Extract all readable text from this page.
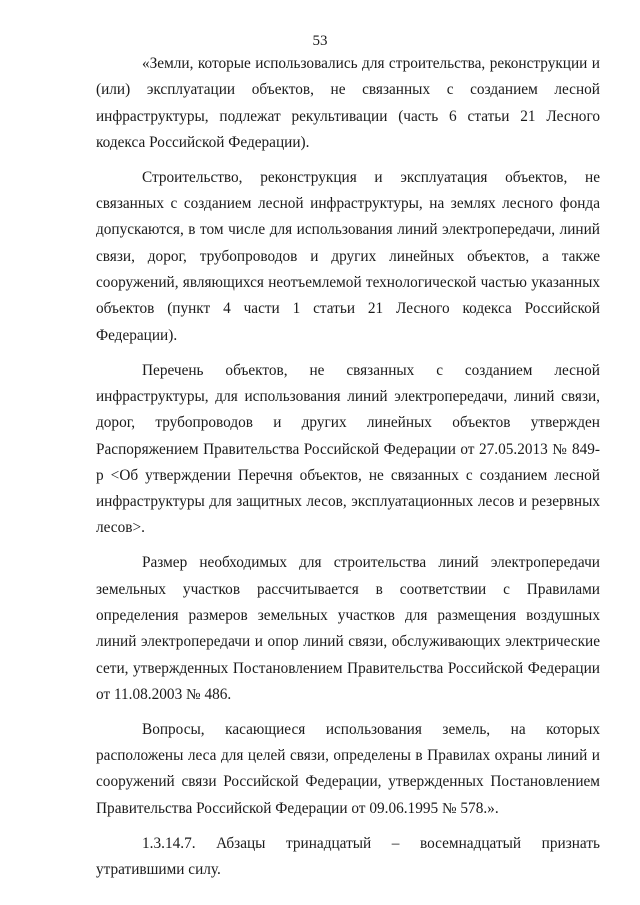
53

«Земли, которые использовались для строительства, реконструкции и (или) эксплуатации объектов, не связанных с созданием лесной инфраструктуры, подлежат рекультивации (часть 6 статьи 21 Лесного кодекса Российской Федерации).

Строительство, реконструкция и эксплуатация объектов, не связанных с созданием лесной инфраструктуры, на землях лесного фонда допускаются, в том числе для использования линий электропередачи, линий связи, дорог, трубопроводов и других линейных объектов, а также сооружений, являющихся неотъемлемой технологической частью указанных объектов (пункт 4 части 1 статьи 21 Лесного кодекса Российской Федерации).

Перечень объектов, не связанных с созданием лесной инфраструктуры, для использования линий электропередачи, линий связи, дорог, трубопроводов и других линейных объектов утвержден Распоряжением Правительства Российской Федерации от 27.05.2013 № 849-р <Об утверждении Перечня объектов, не связанных с созданием лесной инфраструктуры для защитных лесов, эксплуатационных лесов и резервных лесов>.

Размер необходимых для строительства линий электропередачи земельных участков рассчитывается в соответствии с Правилами определения размеров земельных участков для размещения воздушных линий электропередачи и опор линий связи, обслуживающих электрические сети, утвержденных Постановлением Правительства Российской Федерации от 11.08.2003 № 486.

Вопросы, касающиеся использования земель, на которых расположены леса для целей связи, определены в Правилах охраны линий и сооружений связи Российской Федерации, утвержденных Постановлением Правительства Российской Федерации от 09.06.1995 № 578.».

1.3.14.7. Абзацы тринадцатый – восемнадцатый признать
утратившими силу.
